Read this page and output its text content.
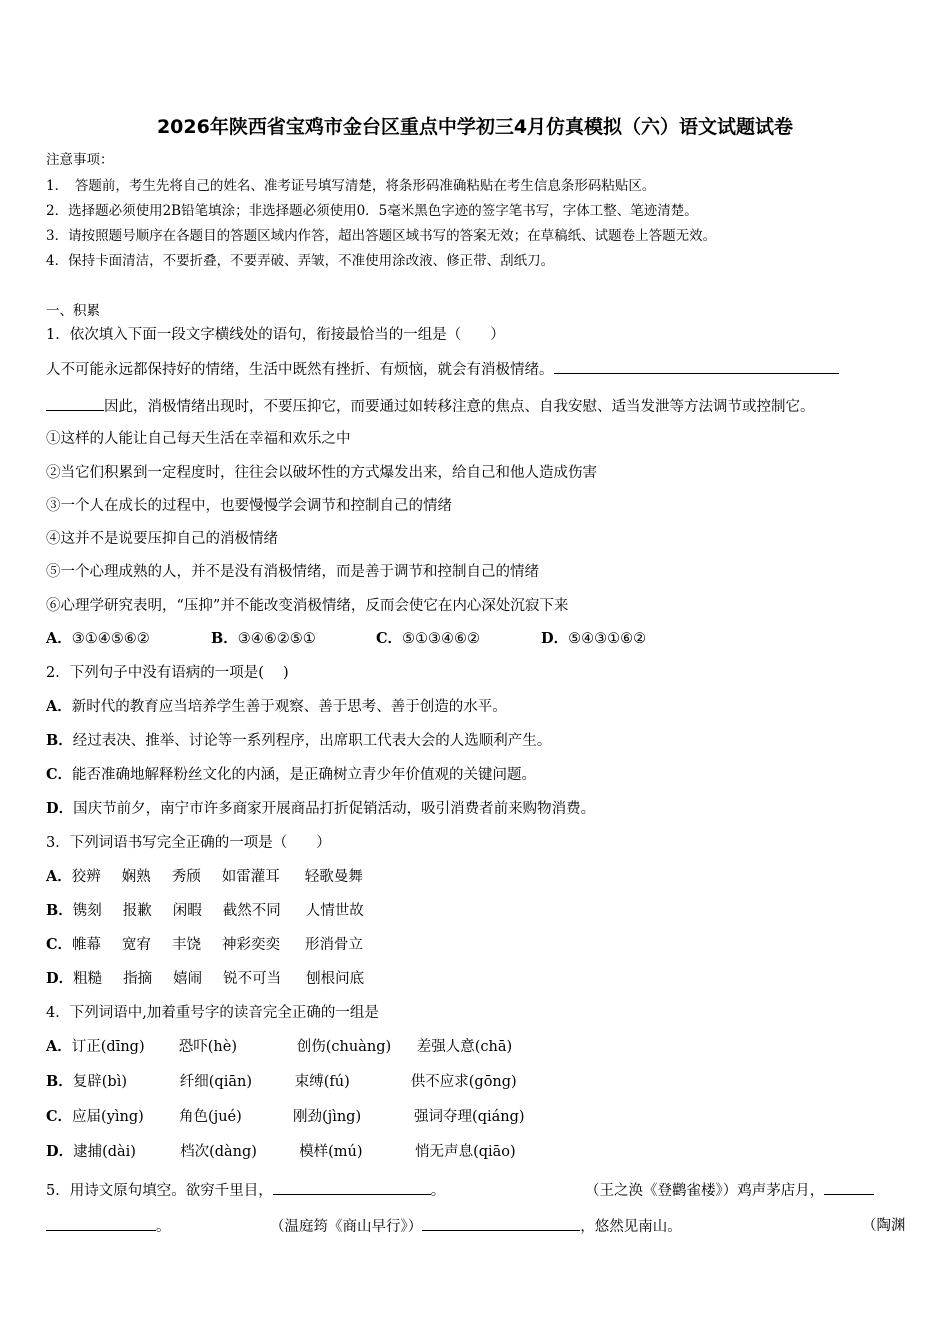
2026年陕西省宝鸡市金台区重点中学初三4月仿真模拟（六）语文试题试卷
注意事项：
1．　答题前，考生先将自己的姓名、准考证号填写清楚，将条形码准确粘贴在考生信息条形码粘贴区。
2．选择题必须使用2B铅笔填涂；非选择题必须使用0．5毫米黑色字迹的签字笔书写，字体工整、笔迹清楚。
3．请按照题号顺序在各题目的答题区域内作答，超出答题区域书写的答案无效；在草稿纸、试题卷上答题无效。
4．保持卡面清洁，不要折叠，不要弄破、弄皱，不准使用涂改液、修正带、刮纸刀。
一、积累
1．依次填入下面一段文字横线处的语句，衔接最恰当的一组是（　　）
人不可能永远都保持好的情绪，生活中既然有挫折、有烦恼，就会有消极情绪。
因此，消极情绪出现时，不要压抑它，而要通过如转移注意的焦点、自我安慰、适当发泄等方法调节或控制它。
①这样的人能让自己每天生活在幸福和欢乐之中
②当它们积累到一定程度时，往往会以破坏性的方式爆发出来，给自己和他人造成伤害
③一个人在成长的过程中，也要慢慢学会调节和控制自己的情绪
④这并不是说要压抑自己的消极情绪
⑤一个心理成熟的人，并不是没有消极情绪，而是善于调节和控制自己的情绪
⑥心理学研究表明，“压抑”并不能改变消极情绪，反而会使它在内心深处沉寂下来
A．③①④⑤⑥②	B．③④⑥②⑤①	C．⑤①③④⑥②	D．⑤④③①⑥②
2．下列句子中没有语病的一项是(　 )
A．新时代的教育应当培养学生善于观察、善于思考、善于创造的水平。
B．经过表决、推举、讨论等一系列程序，出席职工代表大会的人选顺利产生。
C．能否准确地解释粉丝文化的内涵，是正确树立青少年价值观的关键问题。
D．国庆节前夕，南宁市许多商家开展商品打折促销活动，吸引消费者前来购物消费。
3．下列词语书写完全正确的一项是（　　）
A．狡辨 娴熟 秀颀 如雷灌耳 轻歌曼舞
B．镌刻 报歉 闲暇 截然不同 人情世故
C．帷幕 宽宥 丰饶 神彩奕奕 形消骨立
D．粗糙 指摘 嬉闹 锐不可当 刨根问底
4．下列词语中,加着重号字的读音完全正确的一组是
A．订正(dīng) 恐吓(hè)	创伤(chuàng) 差强人意(chā)
B．复辟(bì)	纤细(qiān)	束缚(fú)	供不应求(gōng)
C．应届(yìng) 角色(jué)	刚劲(jìng)	强词夺理(qiáng)
D．逮捕(dài)	档次(dàng)	模样(mú)	悄无声息(qiāo)
5．用诗文原句填空。欲穷千里目，	。	（王之涣《登鹳雀楼》）鸡声茅店月，
。	（温庭筠《商山早行》）	，悠然见南山。	（陶渊
